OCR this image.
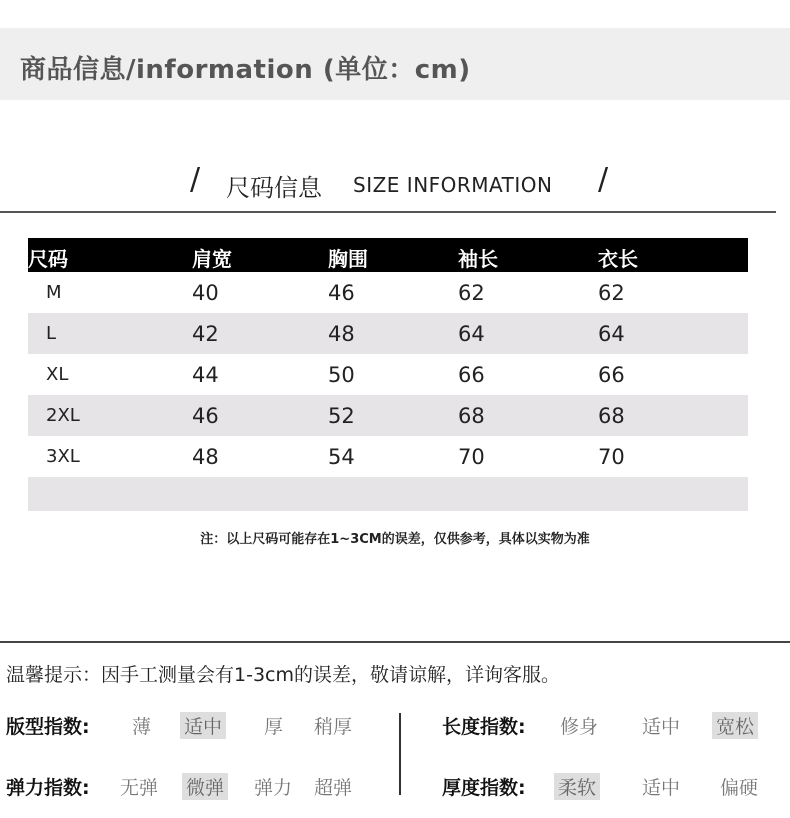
商品信息/information (单位：cm)
/ 尺码信息 SIZE INFORMATION /
尺码	肩宽	胸围	袖长	衣长
M	40	46	62	62
L	42	48	64	64
XL	44	50	66	66
2XL	46	52	68	68
3XL	48	54	70	70
注：以上尺码可能存在1~3CM的误差，仅供参考，具体以实物为准
温馨提示：因手工测量会有1-3cm的误差，敬请谅解，详询客服。
版型指数: 薄 适中 厚 稍厚	长度指数: 修身 适中 宽松
弹力指数: 无弹 微弹 弹力 超弹	厚度指数: 柔软 适中 偏硬
